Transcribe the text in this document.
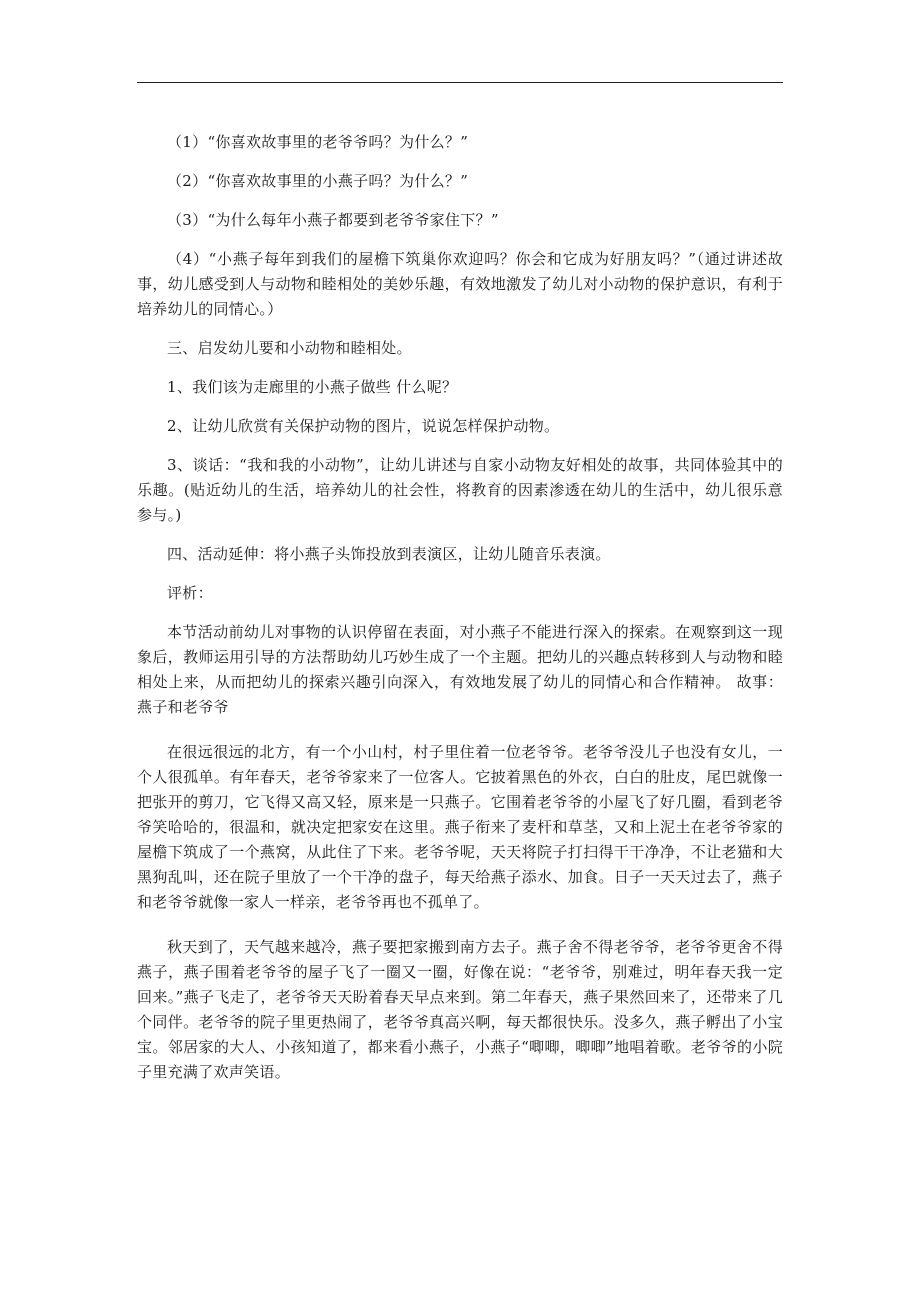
（1）“你喜欢故事里的老爷爷吗？为什么？”

（2）“你喜欢故事里的小燕子吗？为什么？”

（3）“为什么每年小燕子都要到老爷爷家住下？”

（4）“小燕子每年到我们的屋檐下筑巢你欢迎吗？你会和它成为好朋友吗？”（通过讲述故事，幼儿感受到人与动物和睦相处的美妙乐趣，有效地激发了幼儿对小动物的保护意识，有利于培养幼儿的同情心。）

三、启发幼儿要和小动物和睦相处。

1、我们该为走廊里的小燕子做些 什么呢？

2、让幼儿欣赏有关保护动物的图片，说说怎样保护动物。

3、谈话：“我和我的小动物”，让幼儿讲述与自家小动物友好相处的故事，共同体验其中的乐趣。(贴近幼儿的生活，培养幼儿的社会性，将教育的因素渗透在幼儿的生活中，幼儿很乐意参与。)

四、活动延伸：将小燕子头饰投放到表演区，让幼儿随音乐表演。

评析：

本节活动前幼儿对事物的认识停留在表面，对小燕子不能进行深入的探索。在观察到这一现象后，教师运用引导的方法帮助幼儿巧妙生成了一个主题。把幼儿的兴趣点转移到人与动物和睦相处上来，从而把幼儿的探索兴趣引向深入，有效地发展了幼儿的同情心和合作精神。 故事：燕子和老爷爷

在很远很远的北方，有一个小山村，村子里住着一位老爷爷。老爷爷没儿子也没有女儿，一个人很孤单。有年春天，老爷爷家来了一位客人。它披着黑色的外衣，白白的肚皮，尾巴就像一把张开的剪刀，它飞得又高又轻，原来是一只燕子。它围着老爷爷的小屋飞了好几圈，看到老爷爷笑哈哈的，很温和，就决定把家安在这里。燕子衔来了麦杆和草茎，又和上泥土在老爷爷家的屋檐下筑成了一个燕窝，从此住了下来。老爷爷呢，天天将院子打扫得干干净净，不让老猫和大黑狗乱叫，还在院子里放了一个干净的盘子，每天给燕子添水、加食。日子一天天过去了，燕子和老爷爷就像一家人一样亲，老爷爷再也不孤单了。

秋天到了，天气越来越冷，燕子要把家搬到南方去子。燕子舍不得老爷爷，老爷爷更舍不得燕子，燕子围着老爷爷的屋子飞了一圈又一圈，好像在说：“老爷爷，别难过，明年春天我一定回来。”燕子飞走了，老爷爷天天盼着春天早点来到。第二年春天，燕子果然回来了，还带来了几个同伴。老爷爷的院子里更热闹了，老爷爷真高兴啊，每天都很快乐。没多久，燕子孵出了小宝宝。邻居家的大人、小孩知道了，都来看小燕子，小燕子“唧唧，唧唧”地唱着歌。老爷爷的小院子里充满了欢声笑语。
